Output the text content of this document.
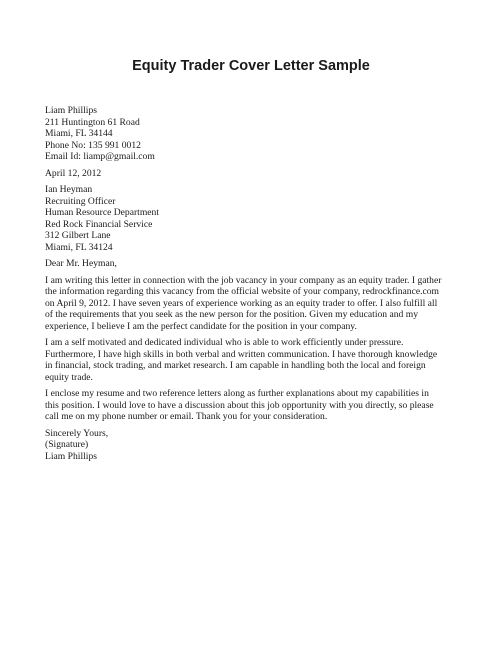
Equity Trader Cover Letter Sample
Liam Phillips
211 Huntington 61 Road
Miami, FL 34144
Phone No: 135 991 0012
Email Id: liamp@gmail.com
April 12, 2012
Ian Heyman
Recruiting Officer
Human Resource Department
Red Rock Financial Service
312 Gilbert Lane
Miami, FL 34124
Dear Mr. Heyman,
I am writing this letter in connection with the job vacancy in your company as an equity trader. I gather
the information regarding this vacancy from the official website of your company, redrockfinance.com
on April 9, 2012. I have seven years of experience working as an equity trader to offer. I also fulfill all
of the requirements that you seek as the new person for the position. Given my education and my
experience, I believe I am the perfect candidate for the position in your company.
I am a self motivated and dedicated individual who is able to work efficiently under pressure.
Furthermore, I have high skills in both verbal and written communication. I have thorough knowledge
in financial, stock trading, and market research. I am capable in handling both the local and foreign
equity trade.
I enclose my resume and two reference letters along as further explanations about my capabilities in
this position. I would love to have a discussion about this job opportunity with you directly, so please
call me on my phone number or email. Thank you for your consideration.
Sincerely Yours,
(Signature)
Liam Phillips
